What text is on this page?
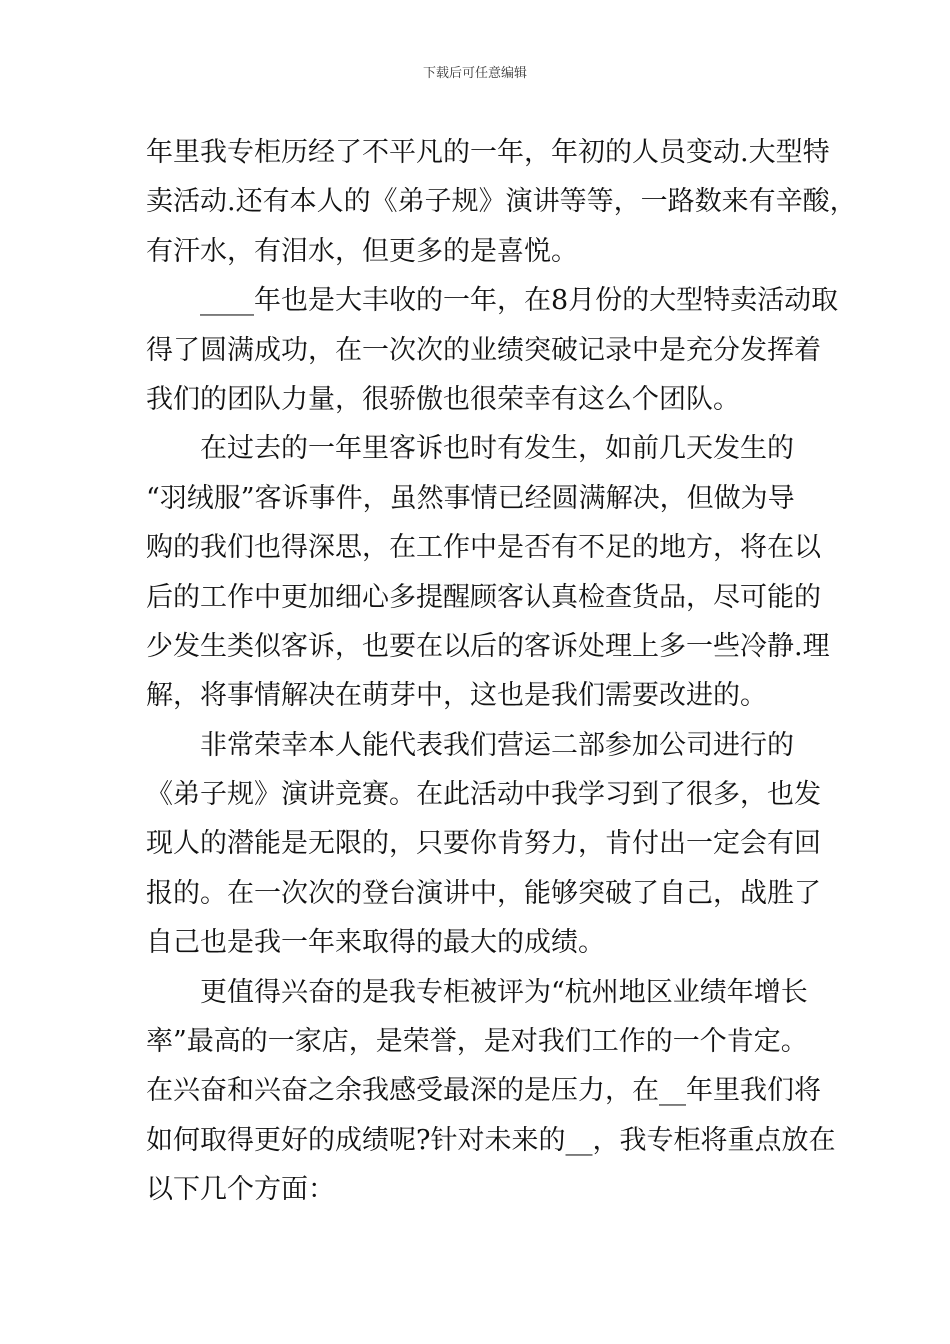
下载后可任意编辑
年里我专柜历经了不平凡的一年，年初的人员变动.大型特
卖活动.还有本人的《弟子规》演讲等等，一路数来有辛酸，
有汗水，有泪水，但更多的是喜悦。
____年也是大丰收的一年，在8月份的大型特卖活动取
得了圆满成功，在一次次的业绩突破记录中是充分发挥着
我们的团队力量，很骄傲也很荣幸有这么个团队。
在过去的一年里客诉也时有发生，如前几天发生的
“羽绒服”客诉事件，虽然事情已经圆满解决，但做为导
购的我们也得深思，在工作中是否有不足的地方，将在以
后的工作中更加细心多提醒顾客认真检查货品，尽可能的
少发生类似客诉，也要在以后的客诉处理上多一些冷静.理
解，将事情解决在萌芽中，这也是我们需要改进的。
非常荣幸本人能代表我们营运二部参加公司进行的
《弟子规》演讲竞赛。在此活动中我学习到了很多，也发
现人的潜能是无限的，只要你肯努力，肯付出一定会有回
报的。在一次次的登台演讲中，能够突破了自己，战胜了
自己也是我一年来取得的最大的成绩。
更值得兴奋的是我专柜被评为“杭州地区业绩年增长
率”最高的一家店，是荣誉，是对我们工作的一个肯定。
在兴奋和兴奋之余我感受最深的是压力，在__年里我们将
如何取得更好的成绩呢?针对未来的__，我专柜将重点放在
以下几个方面：
